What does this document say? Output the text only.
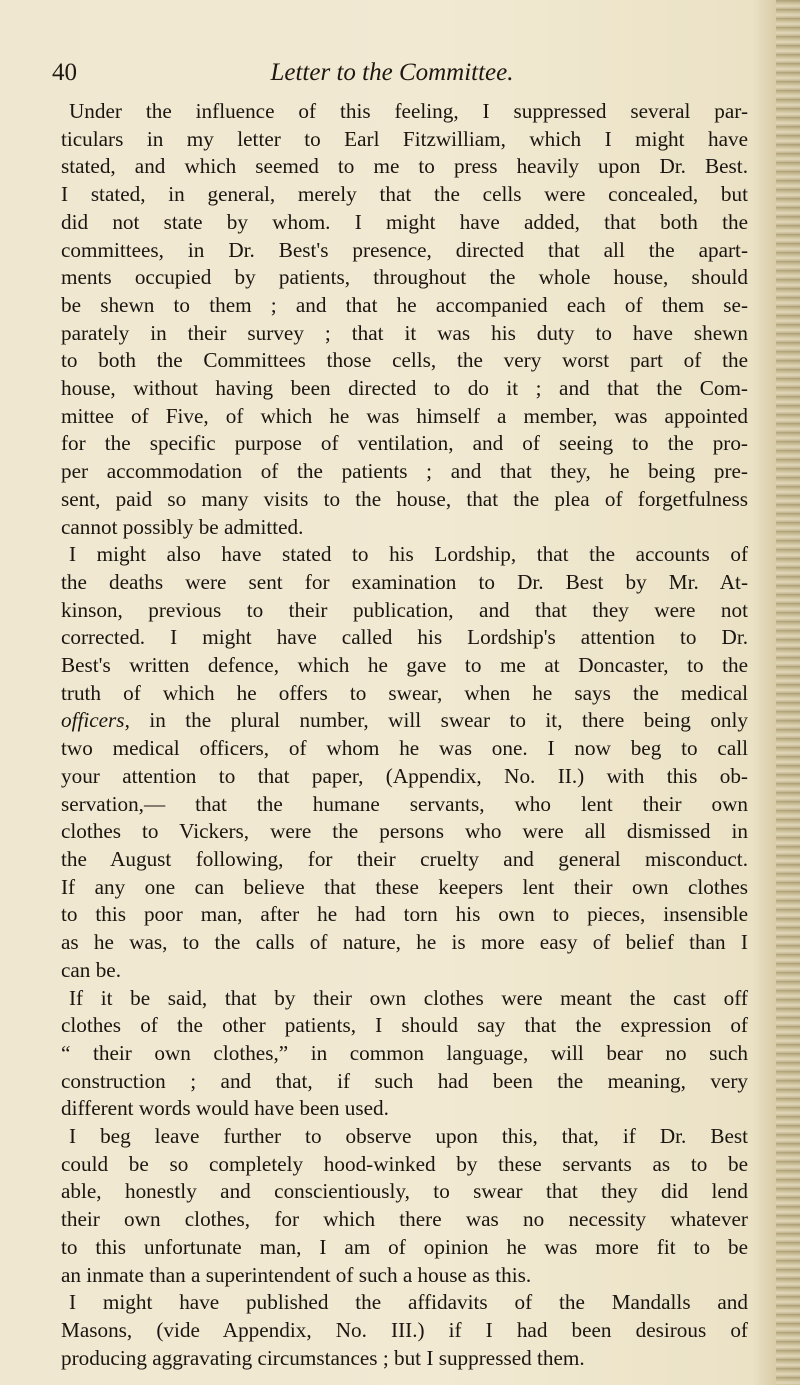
40	Letter to the Committee.
Under the influence of this feeling, I suppressed several par-
ticulars in my letter to Earl Fitzwilliam, which I might have
stated, and which seemed to me to press heavily upon Dr. Best.
I stated, in general, merely that the cells were concealed, but
did not state by whom. I might have added, that both the
committees, in Dr. Best's presence, directed that all the apart-
ments occupied by patients, throughout the whole house, should
be shewn to them ; and that he accompanied each of them se-
parately in their survey ; that it was his duty to have shewn
to both the Committees those cells, the very worst part of the
house, without having been directed to do it ; and that the Com-
mittee of Five, of which he was himself a member, was appointed
for the specific purpose of ventilation, and of seeing to the pro-
per accommodation of the patients ; and that they, he being pre-
sent, paid so many visits to the house, that the plea of forgetfulness
cannot possibly be admitted.
I might also have stated to his Lordship, that the accounts of
the deaths were sent for examination to Dr. Best by Mr. At-
kinson, previous to their publication, and that they were not
corrected. I might have called his Lordship's attention to Dr.
Best's written defence, which he gave to me at Doncaster, to the
truth of which he offers to swear, when he says the medical
officers, in the plural number, will swear to it, there being only
two medical officers, of whom he was one. I now beg to call
your attention to that paper, (Appendix, No. II.) with this ob-
servation,— that the humane servants, who lent their own
clothes to Vickers, were the persons who were all dismissed in
the August following, for their cruelty and general misconduct.
If any one can believe that these keepers lent their own clothes
to this poor man, after he had torn his own to pieces, insensible
as he was, to the calls of nature, he is more easy of belief than I
can be.
If it be said, that by their own clothes were meant the cast off
clothes of the other patients, I should say that the expression of
“ their own clothes,” in common language, will bear no such
construction ; and that, if such had been the meaning, very
different words would have been used.
I beg leave further to observe upon this, that, if Dr. Best
could be so completely hood-winked by these servants as to be
able, honestly and conscientiously, to swear that they did lend
their own clothes, for which there was no necessity whatever
to this unfortunate man, I am of opinion he was more fit to be
an inmate than a superintendent of such a house as this.
I might have published the affidavits of the Mandalls and
Masons, (vide Appendix, No. III.) if I had been desirous of
producing aggravating circumstances ; but I suppressed them.
